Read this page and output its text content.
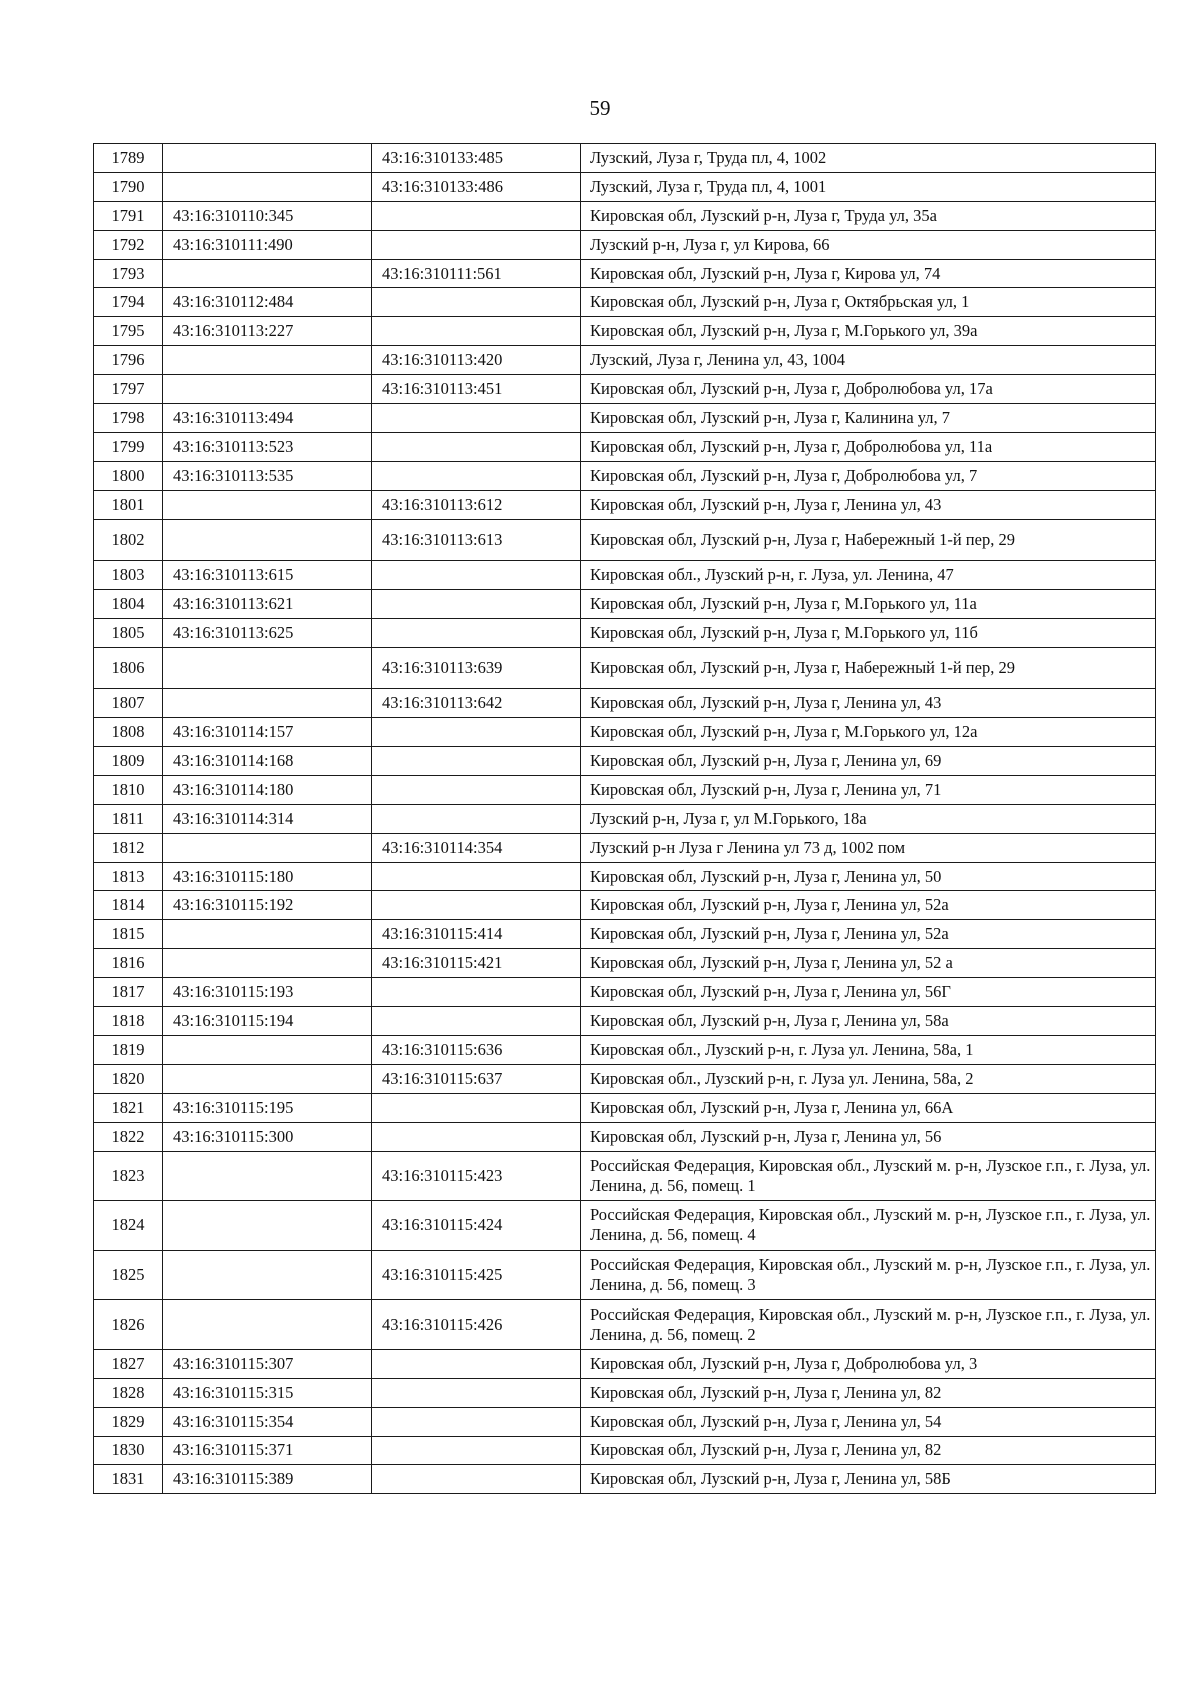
59
1789		43:16:310133:485	Лузский, Луза г, Труда пл, 4, 1002
1790		43:16:310133:486	Лузский, Луза г, Труда пл, 4, 1001
1791	43:16:310110:345		Кировская обл, Лузский р-н, Луза г, Труда ул, 35а
1792	43:16:310111:490		Лузский р-н, Луза г, ул Кирова, 66
1793		43:16:310111:561	Кировская обл, Лузский р-н, Луза г, Кирова ул, 74
1794	43:16:310112:484		Кировская обл, Лузский р-н, Луза г, Октябрьская ул, 1
1795	43:16:310113:227		Кировская обл, Лузский р-н, Луза г, М.Горького ул, 39а
1796		43:16:310113:420	Лузский, Луза г, Ленина ул, 43, 1004
1797		43:16:310113:451	Кировская обл, Лузский р-н, Луза г, Добролюбова ул, 17а
1798	43:16:310113:494		Кировская обл, Лузский р-н, Луза г, Калинина ул, 7
1799	43:16:310113:523		Кировская обл, Лузский р-н, Луза г, Добролюбова ул, 11а
1800	43:16:310113:535		Кировская обл, Лузский р-н, Луза г, Добролюбова ул, 7
1801		43:16:310113:612	Кировская обл, Лузский р-н, Луза г, Ленина ул, 43
1802		43:16:310113:613	Кировская обл, Лузский р-н, Луза г, Набережный 1-й пер, 29
1803	43:16:310113:615		Кировская обл., Лузский р-н, г. Луза, ул. Ленина, 47
1804	43:16:310113:621		Кировская обл, Лузский р-н, Луза г, М.Горького ул, 11а
1805	43:16:310113:625		Кировская обл, Лузский р-н, Луза г, М.Горького ул, 11б
1806		43:16:310113:639	Кировская обл, Лузский р-н, Луза г, Набережный 1-й пер, 29
1807		43:16:310113:642	Кировская обл, Лузский р-н, Луза г, Ленина ул, 43
1808	43:16:310114:157		Кировская обл, Лузский р-н, Луза г, М.Горького ул, 12а
1809	43:16:310114:168		Кировская обл, Лузский р-н, Луза г, Ленина ул, 69
1810	43:16:310114:180		Кировская обл, Лузский р-н, Луза г, Ленина ул, 71
1811	43:16:310114:314		Лузский р-н, Луза г, ул М.Горького, 18а
1812		43:16:310114:354	Лузский р-н Луза г Ленина ул 73 д, 1002 пом
1813	43:16:310115:180		Кировская обл, Лузский р-н, Луза г, Ленина ул, 50
1814	43:16:310115:192		Кировская обл, Лузский р-н, Луза г, Ленина ул, 52а
1815		43:16:310115:414	Кировская обл, Лузский р-н, Луза г, Ленина ул, 52а
1816		43:16:310115:421	Кировская обл, Лузский р-н, Луза г, Ленина ул, 52 а
1817	43:16:310115:193		Кировская обл, Лузский р-н, Луза г, Ленина ул, 56Г
1818	43:16:310115:194		Кировская обл, Лузский р-н, Луза г, Ленина ул, 58а
1819		43:16:310115:636	Кировская обл., Лузский р-н, г. Луза ул. Ленина, 58а, 1
1820		43:16:310115:637	Кировская обл., Лузский р-н, г. Луза ул. Ленина, 58а, 2
1821	43:16:310115:195		Кировская обл, Лузский р-н, Луза г, Ленина ул, 66А
1822	43:16:310115:300		Кировская обл, Лузский р-н, Луза г, Ленина ул, 56
1823		43:16:310115:423	Российская Федерация, Кировская обл., Лузский м. р-н, Лузское г.п., г. Луза, ул. Ленина, д. 56, помещ. 1
1824		43:16:310115:424	Российская Федерация, Кировская обл., Лузский м. р-н, Лузское г.п., г. Луза, ул. Ленина, д. 56, помещ. 4
1825		43:16:310115:425	Российская Федерация, Кировская обл., Лузский м. р-н, Лузское г.п., г. Луза, ул. Ленина, д. 56, помещ. 3
1826		43:16:310115:426	Российская Федерация, Кировская обл., Лузский м. р-н, Лузское г.п., г. Луза, ул. Ленина, д. 56, помещ. 2
1827	43:16:310115:307		Кировская обл, Лузский р-н, Луза г, Добролюбова ул, 3
1828	43:16:310115:315		Кировская обл, Лузский р-н, Луза г, Ленина ул, 82
1829	43:16:310115:354		Кировская обл, Лузский р-н, Луза г, Ленина ул, 54
1830	43:16:310115:371		Кировская обл, Лузский р-н, Луза г, Ленина ул, 82
1831	43:16:310115:389		Кировская обл, Лузский р-н, Луза г, Ленина ул, 58Б
